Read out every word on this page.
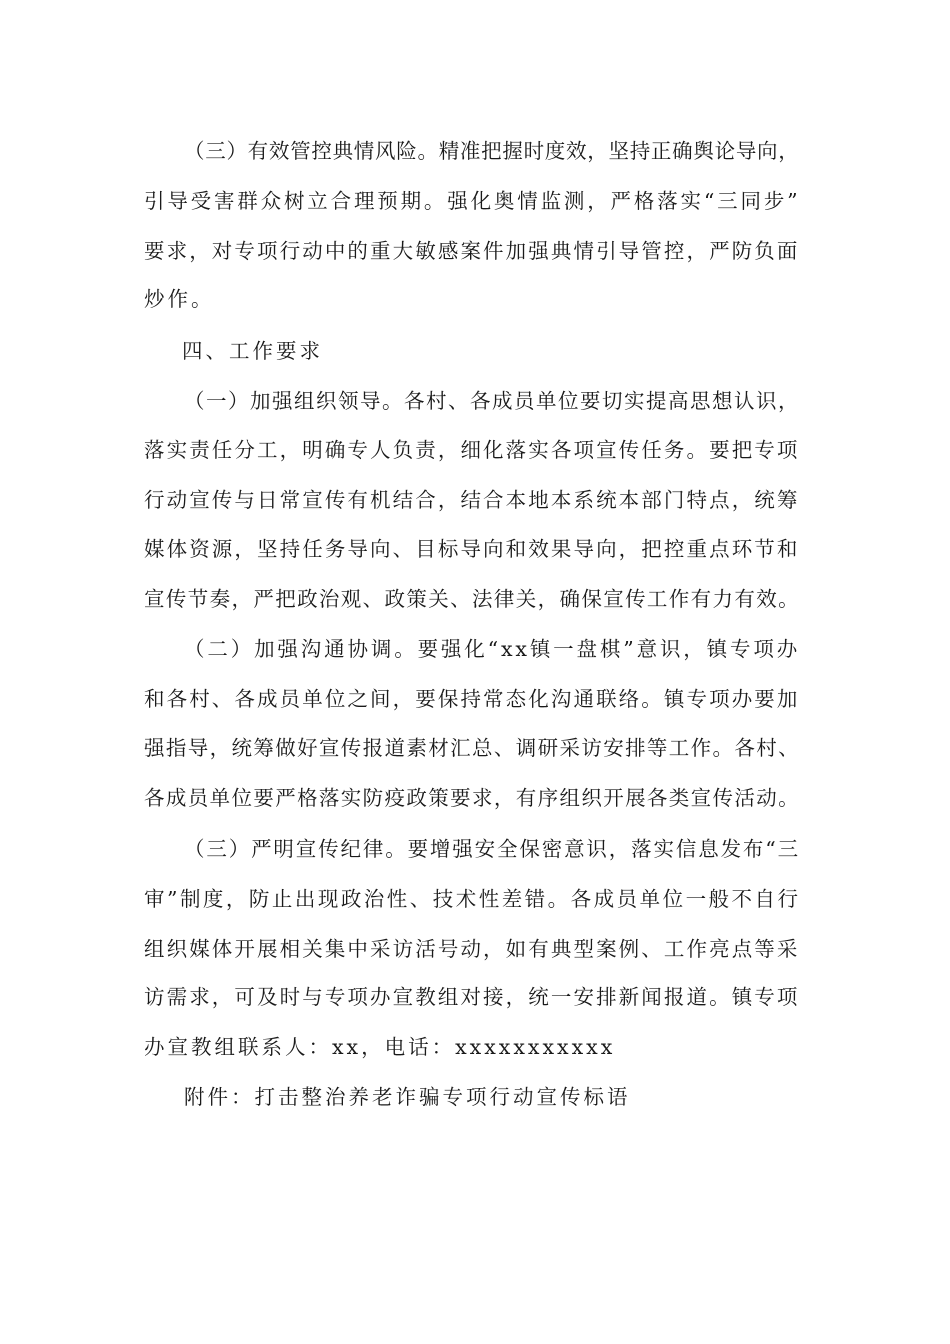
（三）有效管控典情风险。精准把握时度效，坚持正确舆论导向，
引导受害群众树立合理预期。强化奥情监测，严格落实“三同步”
要求，对专项行动中的重大敏感案件加强典情引导管控，严防负面
炒作。
四、工作要求
（一）加强组织领导。各村、各成员单位要切实提高思想认识，
落实责任分工，明确专人负责，细化落实各项宣传任务。要把专项
行动宣传与日常宣传有机结合，结合本地本系统本部门特点，统筹
媒体资源，坚持任务导向、目标导向和效果导向，把控重点环节和
宣传节奏，严把政治观、政策关、法律关，确保宣传工作有力有效。
（二）加强沟通协调。要强化“xx镇一盘棋”意识，镇专项办
和各村、各成员单位之间，要保持常态化沟通联络。镇专项办要加
强指导，统筹做好宣传报道素材汇总、调研采访安排等工作。各村、
各成员单位要严格落实防疫政策要求，有序组织开展各类宣传活动。
（三）严明宣传纪律。要增强安全保密意识，落实信息发布“三
审”制度，防止出现政治性、技术性差错。各成员单位一般不自行
组织媒体开展相关集中采访活号动，如有典型案例、工作亮点等采
访需求，可及时与专项办宣教组对接，统一安排新闻报道。镇专项
办宣教组联系人：xx，电话：xxxxxxxxxxx
附件：打击整治养老诈骗专项行动宣传标语
